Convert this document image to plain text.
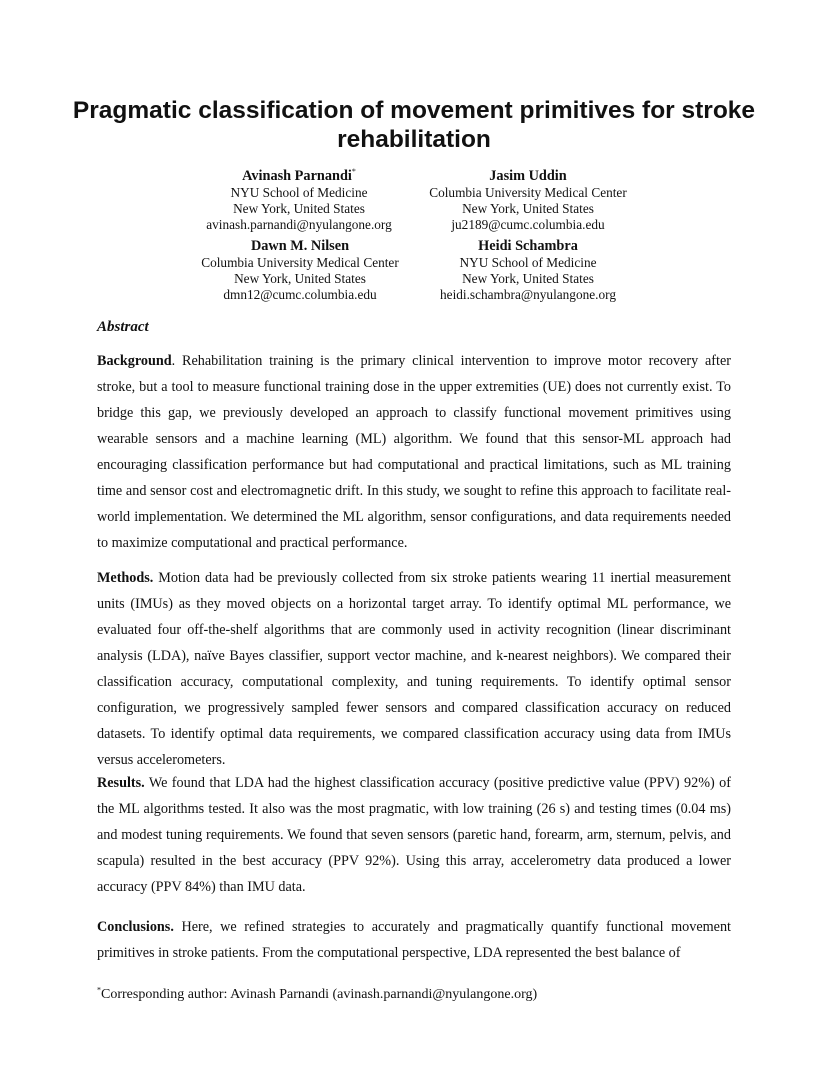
Pragmatic classification of movement primitives for stroke rehabilitation
Avinash Parnandi*
NYU School of Medicine
New York, United States
avinash.parnandi@nyulangone.org
Jasim Uddin
Columbia University Medical Center
New York, United States
ju2189@cumc.columbia.edu
Dawn M. Nilsen
Columbia University Medical Center
New York, United States
dmn12@cumc.columbia.edu
Heidi Schambra
NYU School of Medicine
New York, United States
heidi.schambra@nyulangone.org
Abstract

Background. Rehabilitation training is the primary clinical intervention to improve motor recovery after stroke, but a tool to measure functional training dose in the upper extremities (UE) does not currently exist. To bridge this gap, we previously developed an approach to classify functional movement primitives using wearable sensors and a machine learning (ML) algorithm. We found that this sensor-ML approach had encouraging classification performance but had computational and practical limitations, such as ML training time and sensor cost and electromagnetic drift. In this study, we sought to refine this approach to facilitate real-world implementation. We determined the ML algorithm, sensor configurations, and data requirements needed to maximize computational and practical performance.

Methods. Motion data had be previously collected from six stroke patients wearing 11 inertial measurement units (IMUs) as they moved objects on a horizontal target array. To identify optimal ML performance, we evaluated four off-the-shelf algorithms that are commonly used in activity recognition (linear discriminant analysis (LDA), naïve Bayes classifier, support vector machine, and k-nearest neighbors). We compared their classification accuracy, computational complexity, and tuning requirements. To identify optimal sensor configuration, we progressively sampled fewer sensors and compared classification accuracy on reduced datasets. To identify optimal data requirements, we compared classification accuracy using data from IMUs versus accelerometers.

Results. We found that LDA had the highest classification accuracy (positive predictive value (PPV) 92%) of the ML algorithms tested. It also was the most pragmatic, with low training (26 s) and testing times (0.04 ms) and modest tuning requirements. We found that seven sensors (paretic hand, forearm, arm, sternum, pelvis, and scapula) resulted in the best accuracy (PPV 92%). Using this array, accelerometry data produced a lower accuracy (PPV 84%) than IMU data.

Conclusions. Here, we refined strategies to accurately and pragmatically quantify functional movement primitives in stroke patients. From the computational perspective, LDA represented the best balance of

*Corresponding author: Avinash Parnandi (avinash.parnandi@nyulangone.org)
